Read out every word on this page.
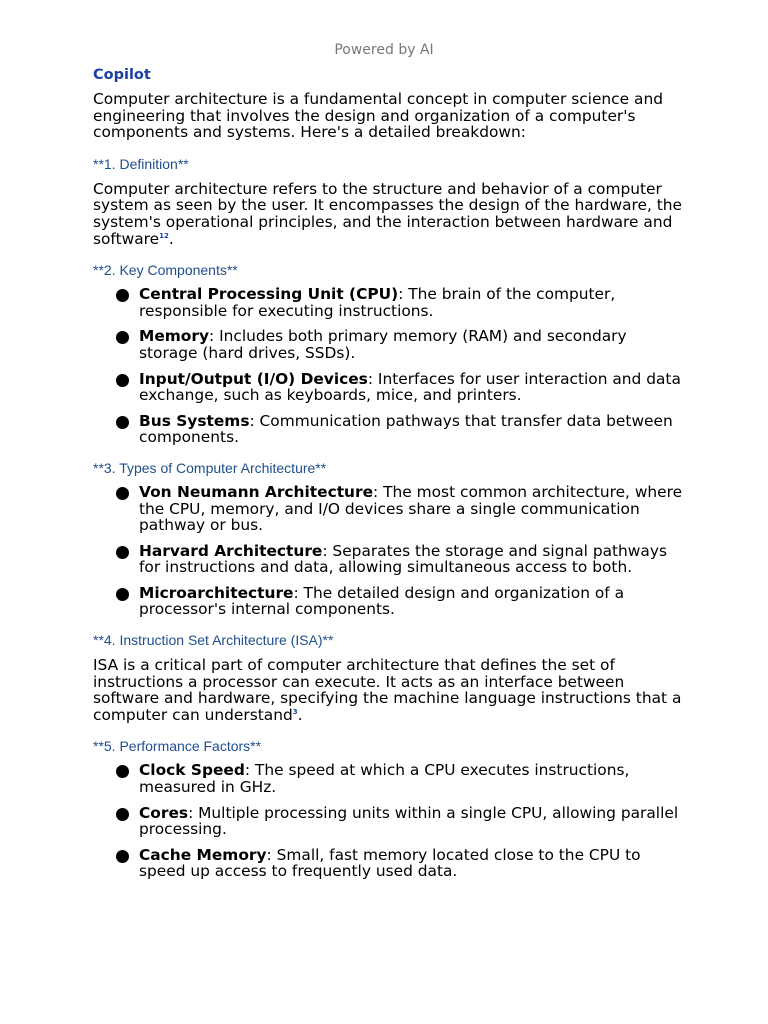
Powered by AI
Copilot

Computer architecture is a fundamental concept in computer science and engineering that involves the design and organization of a computer's components and systems. Here's a detailed breakdown:

**1. Definition**

Computer architecture refers to the structure and behavior of a computer system as seen by the user. It encompasses the design of the hardware, the system's operational principles, and the interaction between hardware and software$^{12}$.

**2. Key Components**
Central Processing Unit (CPU): The brain of the computer, responsible for executing instructions.
Memory: Includes both primary memory (RAM) and secondary storage (hard drives, SSDs).
Input/Output (I/O) Devices: Interfaces for user interaction and data exchange, such as keyboards, mice, and printers.
Bus Systems: Communication pathways that transfer data between components.
**3. Types of Computer Architecture**
Von Neumann Architecture: The most common architecture, where the CPU, memory, and I/O devices share a single communication pathway or bus.
Harvard Architecture: Separates the storage and signal pathways for instructions and data, allowing simultaneous access to both.
Microarchitecture: The detailed design and organization of a processor's internal components.
**4. Instruction Set Architecture (ISA)**

ISA is a critical part of computer architecture that defines the set of instructions a processor can execute. It acts as an interface between software and hardware, specifying the machine language instructions that a computer can understand$^3$.

**5. Performance Factors**
Clock Speed: The speed at which a CPU executes instructions, measured in GHz.
Cores: Multiple processing units within a single CPU, allowing parallel processing.
Cache Memory: Small, fast memory located close to the CPU to speed up access to frequently used data.
